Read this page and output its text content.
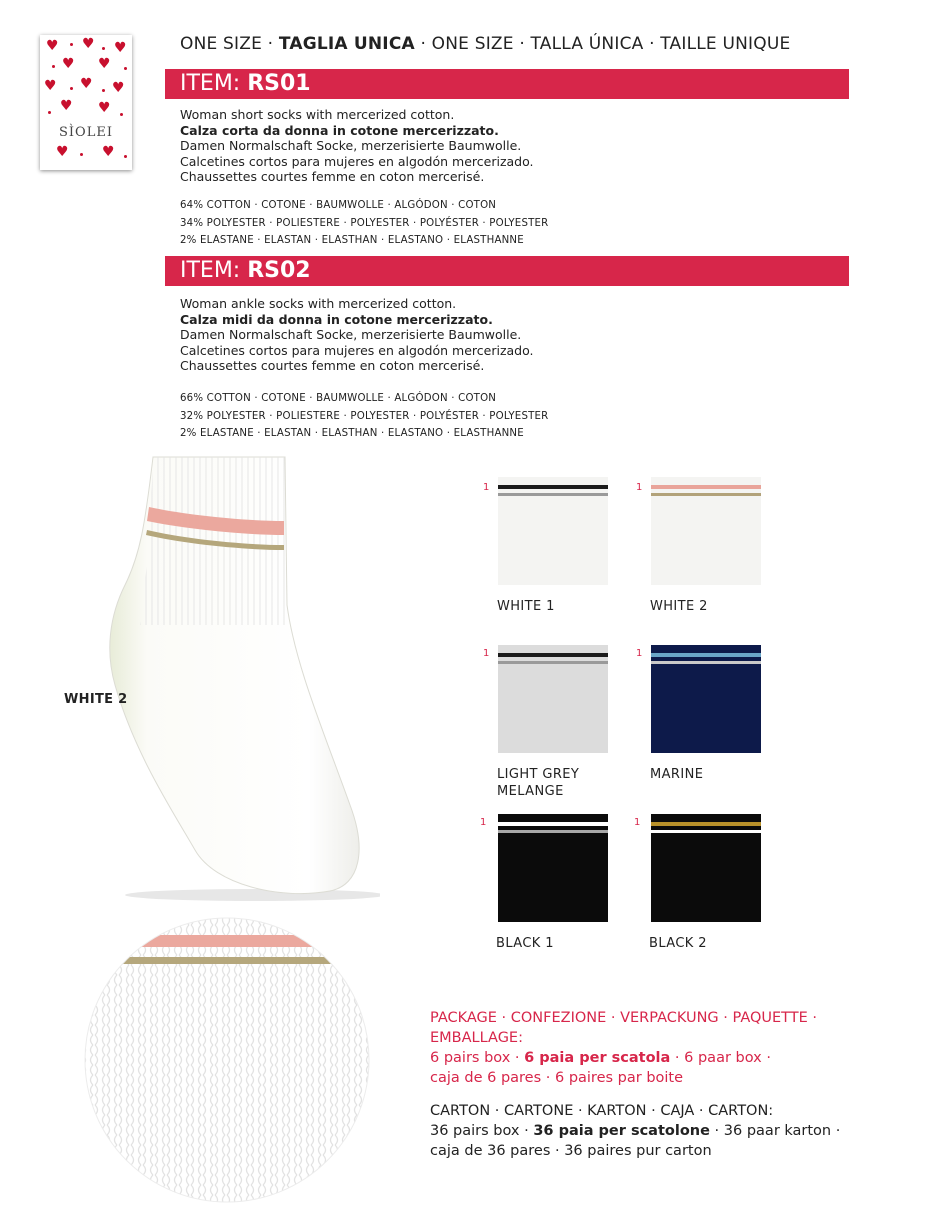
♥ ♥ ♥
♥ ♥
♥ ♥ ♥
♥ ♥
♥ ♥
SÌOLEI
ONE SIZE · TAGLIA UNICA · ONE SIZE · TALLA ÚNICA · TAILLE UNIQUE
ITEM: RS01
Woman short socks with mercerized cotton.
Calza corta da donna in cotone mercerizzato.
Damen Normalschaft Socke, merzerisierte Baumwolle.
Calcetines cortos para mujeres en algodón mercerizado.
Chaussettes courtes femme en coton mercerisé.
64% COTTON · COTONE · BAUMWOLLE · ALGÓDON · COTON
34% POLYESTER · POLIESTERE · POLYESTER · POLYÉSTER · POLYESTER
2% ELASTANE · ELASTAN · ELASTHAN · ELASTANO · ELASTHANNE
ITEM: RS02
Woman ankle socks with mercerized cotton.
Calza midi da donna in cotone mercerizzato.
Damen Normalschaft Socke, merzerisierte Baumwolle.
Calcetines cortos para mujeres en algodón mercerizado.
Chaussettes courtes femme en coton mercerisé.
66% COTTON · COTONE · BAUMWOLLE · ALGÓDON · COTON
32% POLYESTER · POLIESTERE · POLYESTER · POLYÉSTER · POLYESTER
2% ELASTANE · ELASTAN · ELASTHAN · ELASTANO · ELASTHANNE
WHITE 2
1
WHITE 1
1
WHITE 2
1
LIGHT GREY MELANGE
1
MARINE
1
BLACK 1
1
BLACK 2
PACKAGE · CONFEZIONE · VERPACKUNG · PAQUETTE ·
EMBALLAGE:
6 pairs box · 6 paia per scatola · 6 paar box ·
caja de 6 pares · 6 paires par boite
CARTON · CARTONE · KARTON · CAJA · CARTON:
36 pairs box · 36 paia per scatolone · 36 paar karton ·
caja de 36 pares · 36 paires pur carton
